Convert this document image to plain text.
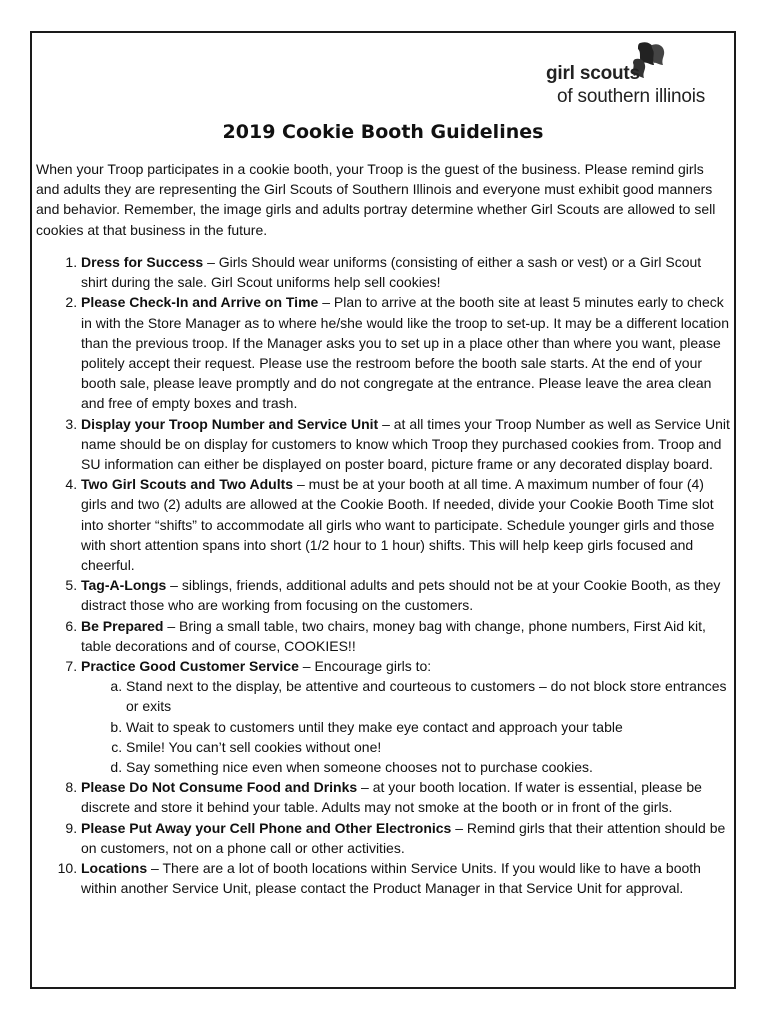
girl scouts
of southern illinois
2019 Cookie Booth Guidelines

When your Troop participates in a cookie booth, your Troop is the guest of the business. Please remind girls and adults they are representing the Girl Scouts of Southern Illinois and everyone must exhibit good manners and behavior. Remember, the image girls and adults portray determine whether Girl Scouts are allowed to sell cookies at that business in the future.

1. Dress for Success – Girls Should wear uniforms (consisting of either a sash or vest) or a Girl Scout shirt during the sale. Girl Scout uniforms help sell cookies!
2. Please Check-In and Arrive on Time – Plan to arrive at the booth site at least 5 minutes early to check in with the Store Manager as to where he/she would like the troop to set-up. It may be a different location than the previous troop. If the Manager asks you to set up in a place other than where you want, please politely accept their request. Please use the restroom before the booth sale starts. At the end of your booth sale, please leave promptly and do not congregate at the entrance. Please leave the area clean and free of empty boxes and trash.
3. Display your Troop Number and Service Unit – at all times your Troop Number as well as Service Unit name should be on display for customers to know which Troop they purchased cookies from. Troop and SU information can either be displayed on poster board, picture frame or any decorated display board.
4. Two Girl Scouts and Two Adults – must be at your booth at all time. A maximum number of four (4) girls and two (2) adults are allowed at the Cookie Booth. If needed, divide your Cookie Booth Time slot into shorter “shifts” to accommodate all girls who want to participate. Schedule younger girls and those with short attention spans into short (1/2 hour to 1 hour) shifts. This will help keep girls focused and cheerful.
5. Tag-A-Longs – siblings, friends, additional adults and pets should not be at your Cookie Booth, as they distract those who are working from focusing on the customers.
6. Be Prepared – Bring a small table, two chairs, money bag with change, phone numbers, First Aid kit, table decorations and of course, COOKIES!!
7. Practice Good Customer Service – Encourage girls to:
a. Stand next to the display, be attentive and courteous to customers – do not block store entrances or exits
b. Wait to speak to customers until they make eye contact and approach your table
c. Smile! You can’t sell cookies without one!
d. Say something nice even when someone chooses not to purchase cookies.
8. Please Do Not Consume Food and Drinks – at your booth location. If water is essential, please be discrete and store it behind your table. Adults may not smoke at the booth or in front of the girls.
9. Please Put Away your Cell Phone and Other Electronics – Remind girls that their attention should be on customers, not on a phone call or other activities.
10. Locations – There are a lot of booth locations within Service Units. If you would like to have a booth within another Service Unit, please contact the Product Manager in that Service Unit for approval.
